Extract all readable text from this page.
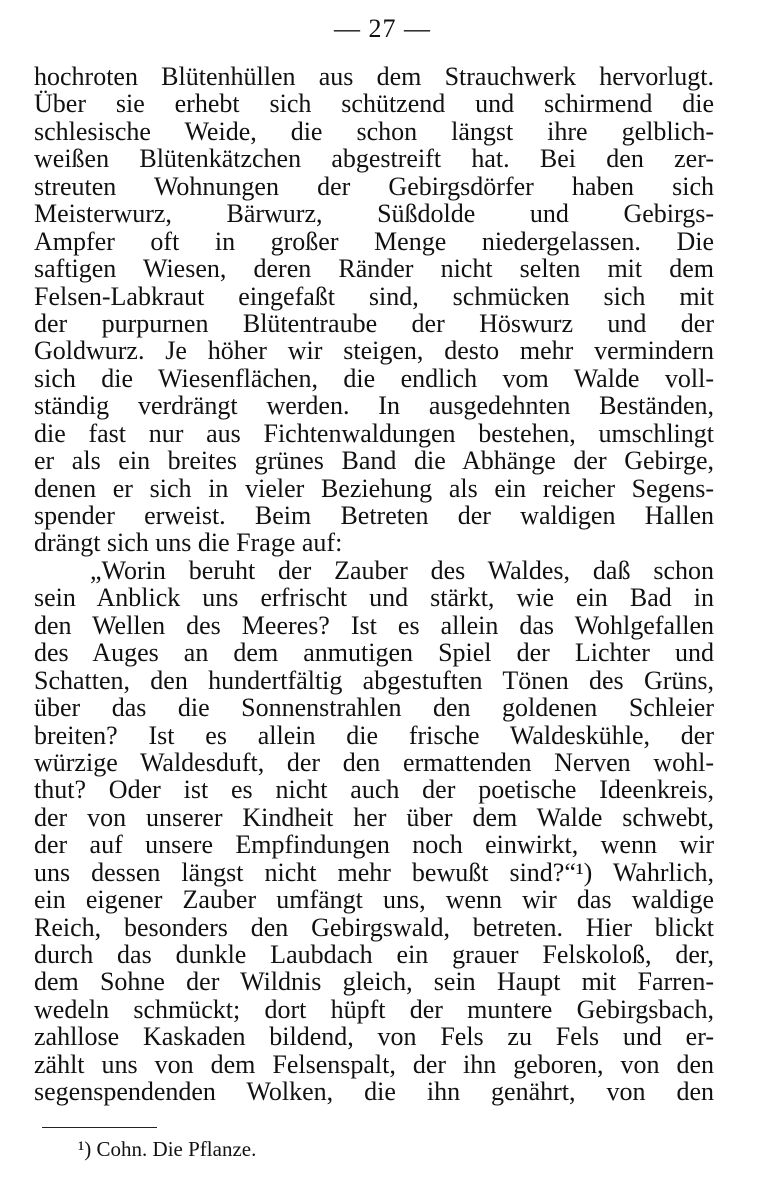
— 27 —
hochroten Blütenhüllen aus dem Strauchwerk hervorlugt.
Über sie erhebt sich schützend und schirmend die
schlesische Weide, die schon längst ihre gelblich-
weißen Blütenkätzchen abgestreift hat. Bei den zer-
streuten Wohnungen der Gebirgsdörfer haben sich
Meisterwurz, Bärwurz, Süßdolde und Gebirgs-
Ampfer oft in großer Menge niedergelassen. Die
saftigen Wiesen, deren Ränder nicht selten mit dem
Felsen-Labkraut eingefaßt sind, schmücken sich mit
der purpurnen Blütentraube der Höswurz und der
Goldwurz. Je höher wir steigen, desto mehr vermindern
sich die Wiesenflächen, die endlich vom Walde voll-
ständig verdrängt werden. In ausgedehnten Beständen,
die fast nur aus Fichtenwaldungen bestehen, umschlingt
er als ein breites grünes Band die Abhänge der Gebirge,
denen er sich in vieler Beziehung als ein reicher Segens-
spender erweist. Beim Betreten der waldigen Hallen
drängt sich uns die Frage auf:
„Worin beruht der Zauber des Waldes, daß schon
sein Anblick uns erfrischt und stärkt, wie ein Bad in
den Wellen des Meeres? Ist es allein das Wohlgefallen
des Auges an dem anmutigen Spiel der Lichter und
Schatten, den hundertfältig abgestuften Tönen des Grüns,
über das die Sonnenstrahlen den goldenen Schleier
breiten? Ist es allein die frische Waldeskühle, der
würzige Waldesduft, der den ermattenden Nerven wohl-
thut? Oder ist es nicht auch der poetische Ideenkreis,
der von unserer Kindheit her über dem Walde schwebt,
der auf unsere Empfindungen noch einwirkt, wenn wir
uns dessen längst nicht mehr bewußt sind?“¹) Wahrlich,
ein eigener Zauber umfängt uns, wenn wir das waldige
Reich, besonders den Gebirgswald, betreten. Hier blickt
durch das dunkle Laubdach ein grauer Felskoloß, der,
dem Sohne der Wildnis gleich, sein Haupt mit Farren-
wedeln schmückt; dort hüpft der muntere Gebirgsbach,
zahllose Kaskaden bildend, von Fels zu Fels und er-
zählt uns von dem Felsenspalt, der ihn geboren, von den
segenspendenden Wolken, die ihn genährt, von den
¹) Cohn. Die Pflanze.
